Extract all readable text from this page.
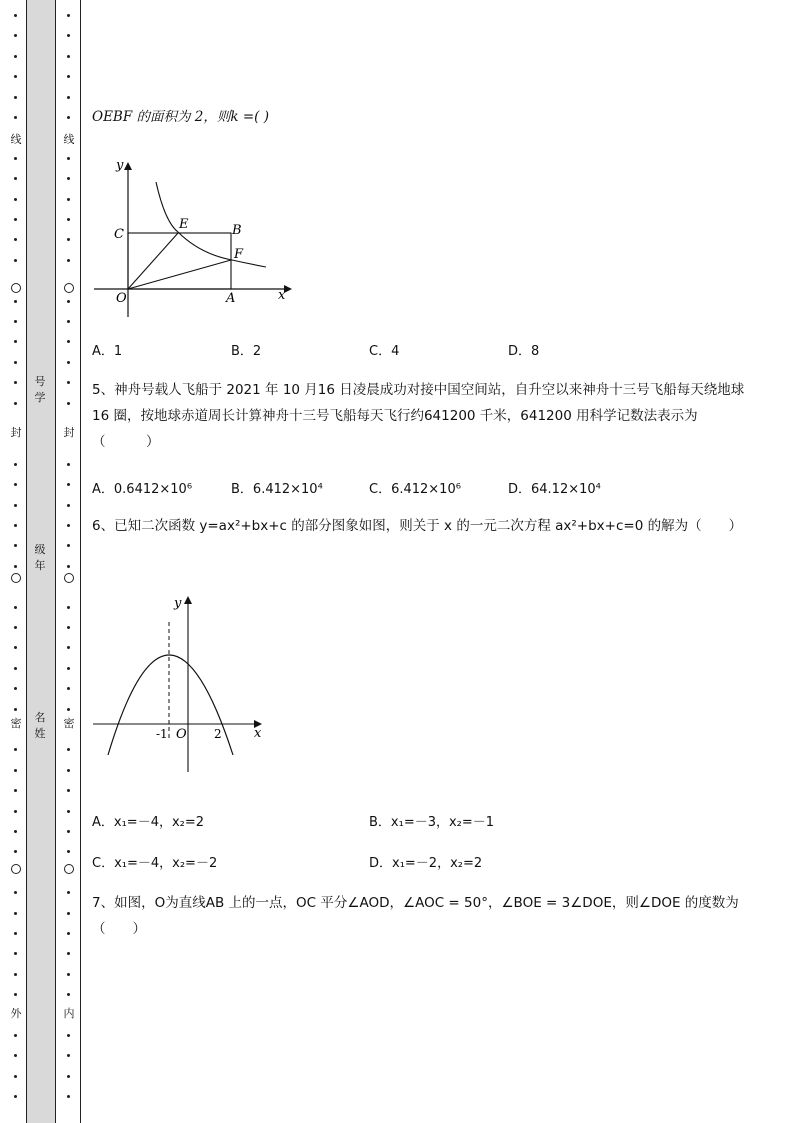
线
封
密
外
线
封
密
内
号学
级年
名姓
OEBF 的面积为 2，则k =( )
y
x
C
E	B
F
O	A
A．1	B．2	C．4	D．8
5、神舟号载人飞船于 2021 年 10 月16 日凌晨成功对接中国空间站，自升空以来神舟十三号飞船每天绕地球16 圈，按地球赤道周长计算神舟十三号飞船每天飞行约641200 千米，641200 用科学记数法表示为（　　　）
A．0.6412×10⁶	B．6.412×10⁴	C．6.412×10⁶	D．64.12×10⁴
6、已知二次函数 y=ax²+bx+c 的部分图象如图，则关于 x 的一元二次方程 ax²+bx+c=0 的解为（　　）
y
x
-1 O 2
A．x₁=－4，x₂=2	B．x₁=－3，x₂=－1
C．x₁=－4，x₂=－2	D．x₁=－2，x₂=2
7、如图，O为直线AB 上的一点，OC 平分∠AOD，∠AOC = 50°，∠BOE = 3∠DOE，则∠DOE 的度数为（　　）
